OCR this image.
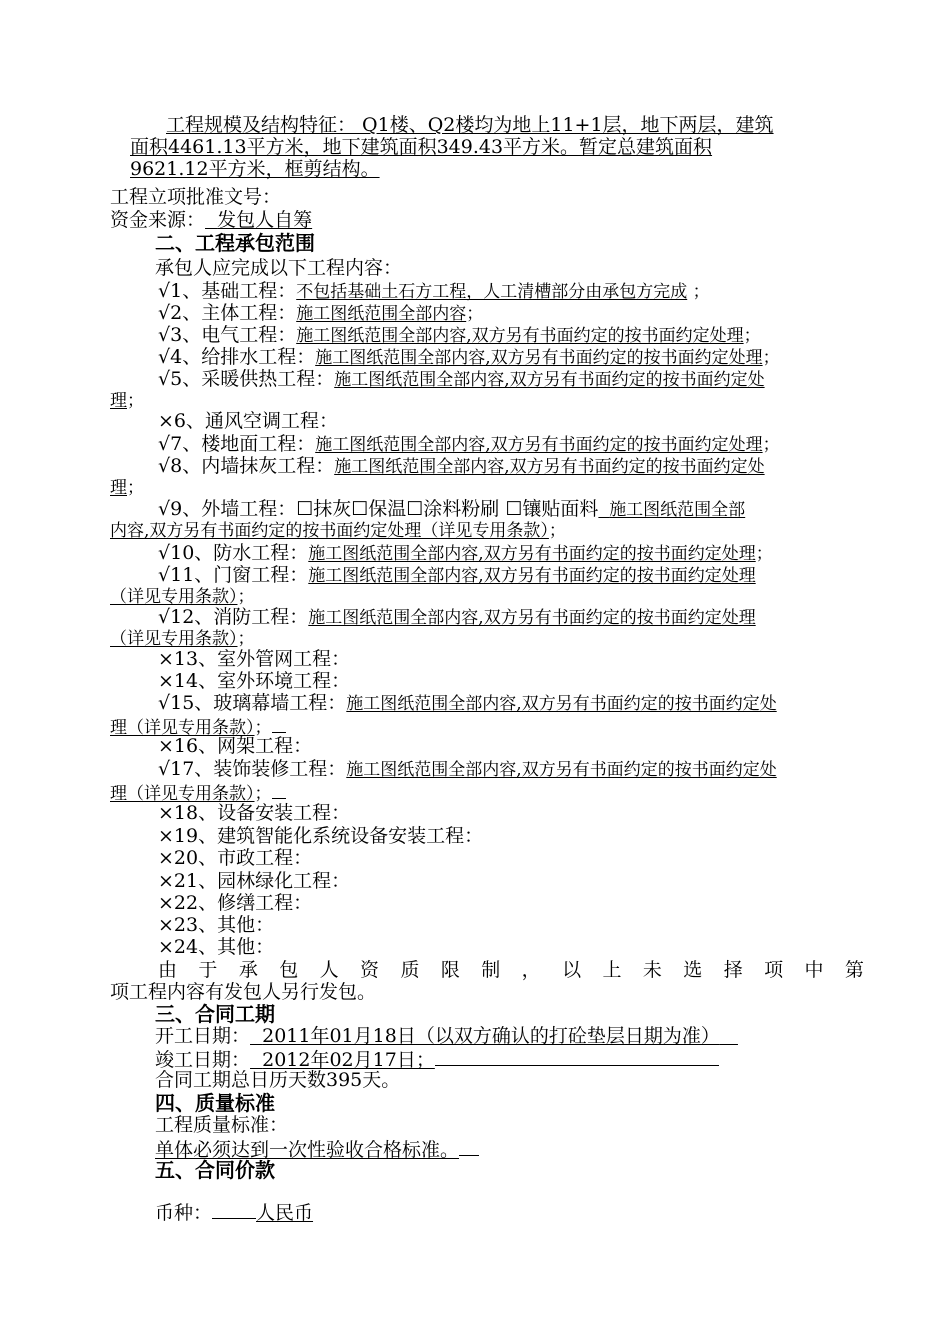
工程规模及结构特征： Q1楼、Q2楼均为地上11+1层，地下两层，建筑
面积4461.13平方米，地下建筑面积349.43平方米。暂定总建筑面积
9621.12平方米，框剪结构。
工程立项批准文号：
资金来源： 发包人自筹
二、工程承包范围
承包人应完成以下工程内容：
√1、基础工程：不包括基础土石方工程，人工清槽部分由承包方完成 ；
√2、主体工程：施工图纸范围全部内容；
√3、电气工程：施工图纸范围全部内容,双方另有书面约定的按书面约定处理；
√4、给排水工程：施工图纸范围全部内容,双方另有书面约定的按书面约定处理；
√5、采暖供热工程：施工图纸范围全部内容,双方另有书面约定的按书面约定处
理；
×6、通风空调工程：
√7、楼地面工程：施工图纸范围全部内容,双方另有书面约定的按书面约定处理；
√8、内墙抹灰工程：施工图纸范围全部内容,双方另有书面约定的按书面约定处
理；
√9、外墙工程：☐抹灰☐保温☐涂料粉刷 ☐镶贴面料 施工图纸范围全部
内容,双方另有书面约定的按书面约定处理（详见专用条款）；
√10、防水工程：施工图纸范围全部内容,双方另有书面约定的按书面约定处理；
√11、门窗工程：施工图纸范围全部内容,双方另有书面约定的按书面约定处理
（详见专用条款）；
√12、消防工程：施工图纸范围全部内容,双方另有书面约定的按书面约定处理
（详见专用条款）；
×13、室外管网工程：
×14、室外环境工程：
√15、玻璃幕墙工程：施工图纸范围全部内容,双方另有书面约定的按书面约定处
理（详见专用条款）；
×16、网架工程：
√17、装饰装修工程：施工图纸范围全部内容,双方另有书面约定的按书面约定处
理（详见专用条款）；
×18、设备安装工程：
×19、建筑智能化系统设备安装工程：
×20、市政工程：
×21、园林绿化工程：
×22、修缮工程：
×23、其他：
×24、其他：
由 于 承 包 人 资 质 限 制 ， 以 上 未 选 择 项 中 第
项工程内容有发包人另行发包。
三、合同工期
开工日期： 2011年01月18日（以双方确认的打砼垫层日期为准）
竣工日期： 2012年02月17日；
合同工期总日历天数395天。
四、质量标准
工程质量标准：
单体必须达到一次性验收合格标准。
五、合同价款
币种： 人民币
